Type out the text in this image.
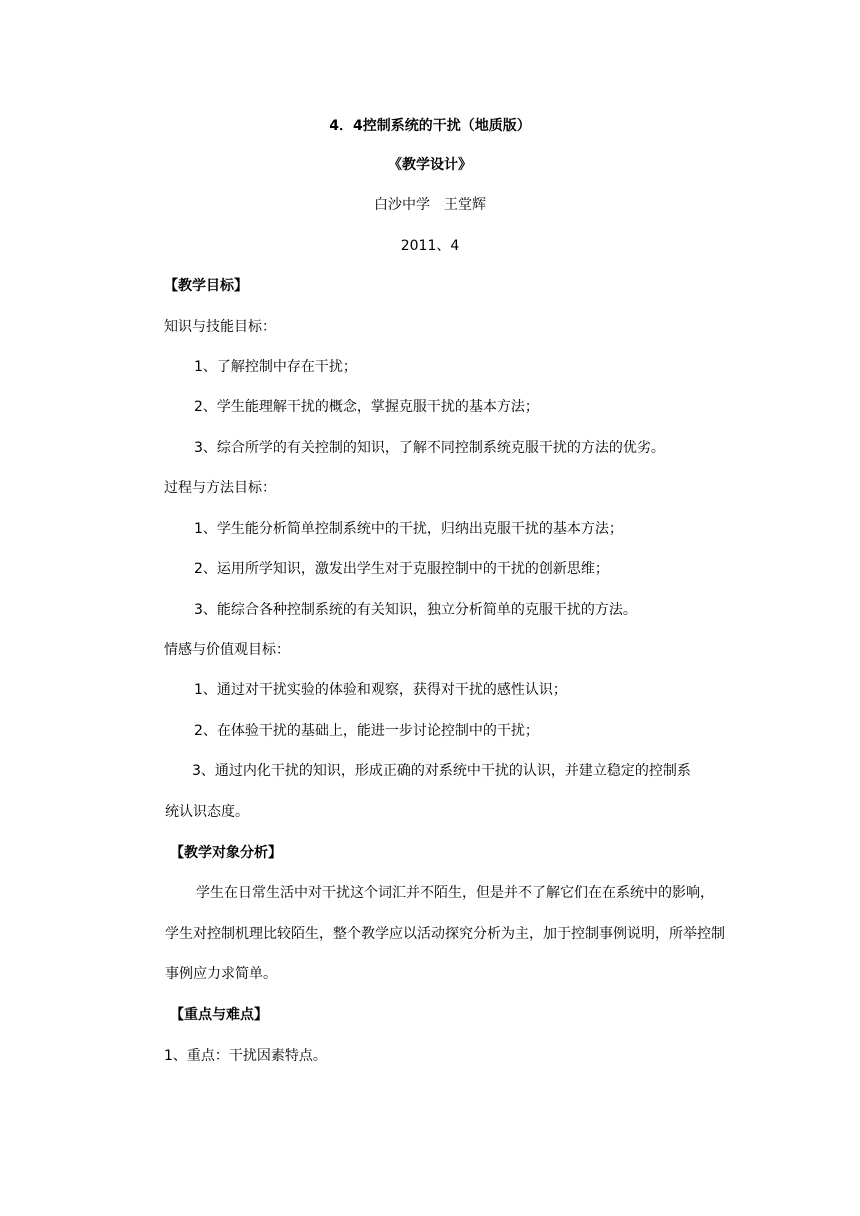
4．4控制系统的干扰（地质版）
《教学设计》
白沙中学　王堂辉
2011、4
【教学目标】
知识与技能目标：
1、了解控制中存在干扰；
2、学生能理解干扰的概念，掌握克服干扰的基本方法；
3、综合所学的有关控制的知识，了解不同控制系统克服干扰的方法的优劣。
过程与方法目标：
1、学生能分析简单控制系统中的干扰，归纳出克服干扰的基本方法；
2、运用所学知识，激发出学生对于克服控制中的干扰的创新思维；
3、能综合各种控制系统的有关知识，独立分析简单的克服干扰的方法。
情感与价值观目标：
1、通过对干扰实验的体验和观察，获得对干扰的感性认识；
2、在体验干扰的基础上，能进一步讨论控制中的干扰；
3、通过内化干扰的知识，形成正确的对系统中干扰的认识，并建立稳定的控制系
统认识态度。
【教学对象分析】
学生在日常生活中对干扰这个词汇并不陌生，但是并不了解它们在在系统中的影响，
学生对控制机理比较陌生，整个教学应以活动探究分析为主，加于控制事例说明，所举控制
事例应力求简单。
【重点与难点】
1、重点：干扰因素特点。
